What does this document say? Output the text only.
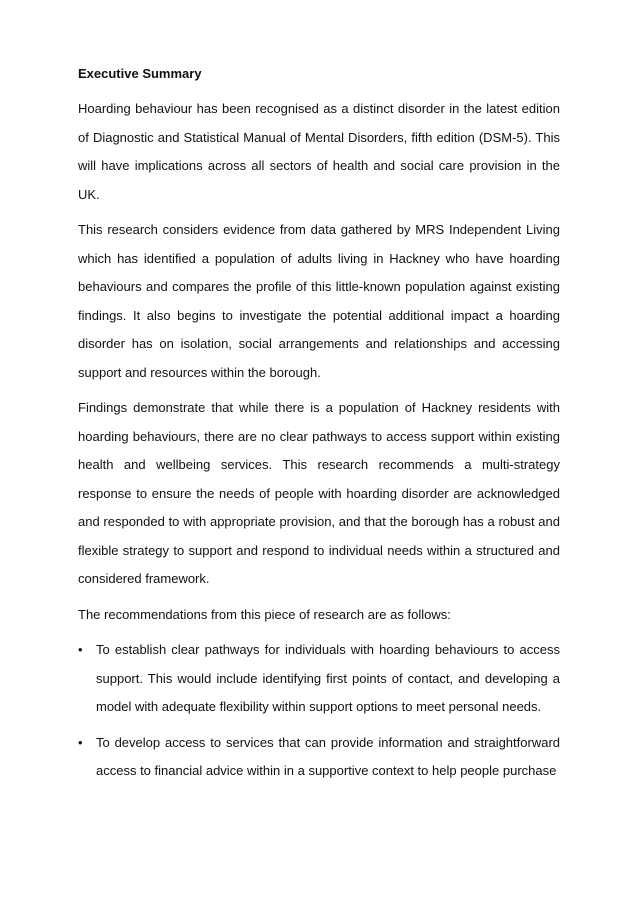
Executive Summary

Hoarding behaviour has been recognised as a distinct disorder in the latest edition of Diagnostic and Statistical Manual of Mental Disorders, fifth edition (DSM-5). This will have implications across all sectors of health and social care provision in the UK.

This research considers evidence from data gathered by MRS Independent Living which has identified a population of adults living in Hackney who have hoarding behaviours and compares the profile of this little-known population against existing findings. It also begins to investigate the potential additional impact a hoarding disorder has on isolation, social arrangements and relationships and accessing support and resources within the borough.

Findings demonstrate that while there is a population of Hackney residents with hoarding behaviours, there are no clear pathways to access support within existing health and wellbeing services. This research recommends a multi-strategy response to ensure the needs of people with hoarding disorder are acknowledged and responded to with appropriate provision, and that the borough has a robust and flexible strategy to support and respond to individual needs within a structured and considered framework.

The recommendations from this piece of research are as follows:

• To establish clear pathways for individuals with hoarding behaviours to access support. This would include identifying first points of contact, and developing a model with adequate flexibility within support options to meet personal needs.
• To develop access to services that can provide information and straightforward access to financial advice within in a supportive context to help people purchase
